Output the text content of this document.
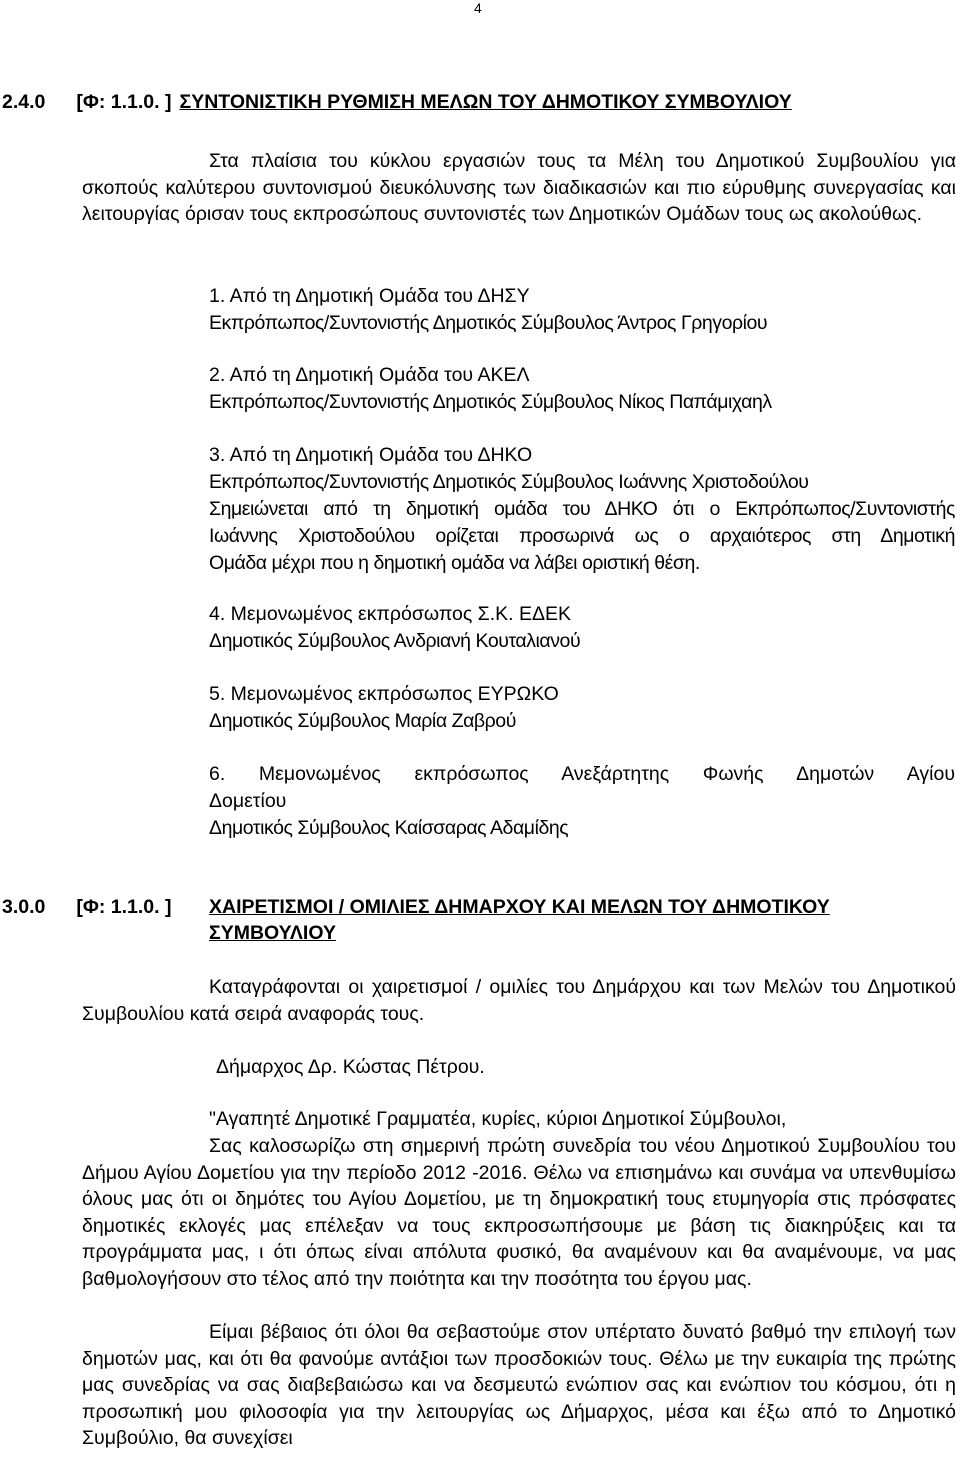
4
2.4.0 [Φ: 1.1.0. ] ΣΥΝΤΟΝΙΣΤΙΚΗ ΡΥΘΜΙΣΗ ΜΕΛΩΝ ΤΟΥ ΔΗΜΟΤΙΚΟΥ ΣΥΜΒΟΥΛΙΟΥ
Στα πλαίσια του κύκλου εργασιών τους τα Μέλη του Δημοτικού Συμβουλίου για σκοπούς καλύτερου συντονισμού διευκόλυνσης των διαδικασιών και πιο εύρυθμης συνεργασίας και λειτουργίας όρισαν τους εκπροσώπους συντονιστές των Δημοτικών Ομάδων τους ως ακολούθως.
1. Από τη Δημοτική Ομάδα του ΔΗΣΥ
Εκπρόπωπος/Συντονιστής Δημοτικός Σύμβουλος Άντρος Γρηγορίου
2. Από τη Δημοτική Ομάδα του ΑΚΕΛ
Εκπρόπωπος/Συντονιστής Δημοτικός Σύμβουλος Νίκος Παπάμιχαηλ
3. Από τη Δημοτική Ομάδα του ΔΗΚΟ
Εκπρόπωπος/Συντονιστής Δημοτικός Σύμβουλος Ιωάννης Χριστοδούλου
Σημειώνεται από τη δημοτική ομάδα του ΔΗΚΟ ότι ο Εκπρόπωπος/Συντονιστής
Ιωάννης Χριστοδούλου ορίζεται προσωρινά ως ο αρχαιότερος στη Δημοτική
Ομάδα μέχρι που η δημοτική ομάδα να λάβει οριστική θέση.
4. Μεμονωμένος εκπρόσωπος Σ.Κ. ΕΔΕΚ
Δημοτικός Σύμβουλος Ανδριανή Κουταλιανού
5. Μεμονωμένος εκπρόσωπος ΕΥΡΩΚΟ
Δημοτικός Σύμβουλος Μαρία Ζαβρού
6. Μεμονωμένος εκπρόσωπος Ανεξάρτητης Φωνής Δημοτών Αγίου
Δομετίου
Δημοτικός Σύμβουλος Καίσσαρας Αδαμίδης
3.0.0 [Φ: 1.1.0. ] ΧΑΙΡΕΤΙΣΜΟΙ / ΟΜΙΛΙΕΣ ΔΗΜΑΡΧΟΥ ΚΑΙ ΜΕΛΩΝ ΤΟΥ ΔΗΜΟΤΙΚΟΥ ΣΥΜΒΟΥΛΙΟΥ
Καταγράφονται οι χαιρετισμοί / ομιλίες του Δημάρχου και των Μελών του Δημοτικού Συμβουλίου κατά σειρά αναφοράς τους.
Δήμαρχος Δρ. Κώστας Πέτρου.
"Αγαπητέ Δημοτικέ Γραμματέα, κυρίες, κύριοι Δημοτικοί Σύμβουλοι,
Σας καλοσωρίζω στη σημερινή πρώτη συνεδρία του νέου Δημοτικού Συμβουλίου του Δήμου Αγίου Δομετίου για την περίοδο 2012 -2016. Θέλω να επισημάνω και συνάμα να υπενθυμίσω όλους μας ότι οι δημότες του Αγίου Δομετίου, με τη δημοκρατική τους ετυμηγορία στις πρόσφατες δημοτικές εκλογές μας επέλεξαν να τους εκπροσωπήσουμε με βάση τις διακηρύξεις και τα προγράμματα μας, ι ότι όπως είναι απόλυτα φυσικό, θα αναμένουν και θα αναμένουμε, να μας βαθμολογήσουν στο τέλος από την ποιότητα και την ποσότητα του έργου μας.
Είμαι βέβαιος ότι όλοι θα σεβαστούμε στον υπέρτατο δυνατό βαθμό την επιλογή των δημοτών μας, και ότι θα φανούμε αντάξιοι των προσδοκιών τους. Θέλω με την ευκαιρία της πρώτης μας συνεδρίας να σας διαβεβαιώσω και να δεσμευτώ ενώπιον σας και ενώπιον του κόσμου, ότι η προσωπική μου φιλοσοφία για την λειτουργίας ως Δήμαρχος, μέσα και έξω από το Δημοτικό Συμβούλιο, θα συνεχίσει
